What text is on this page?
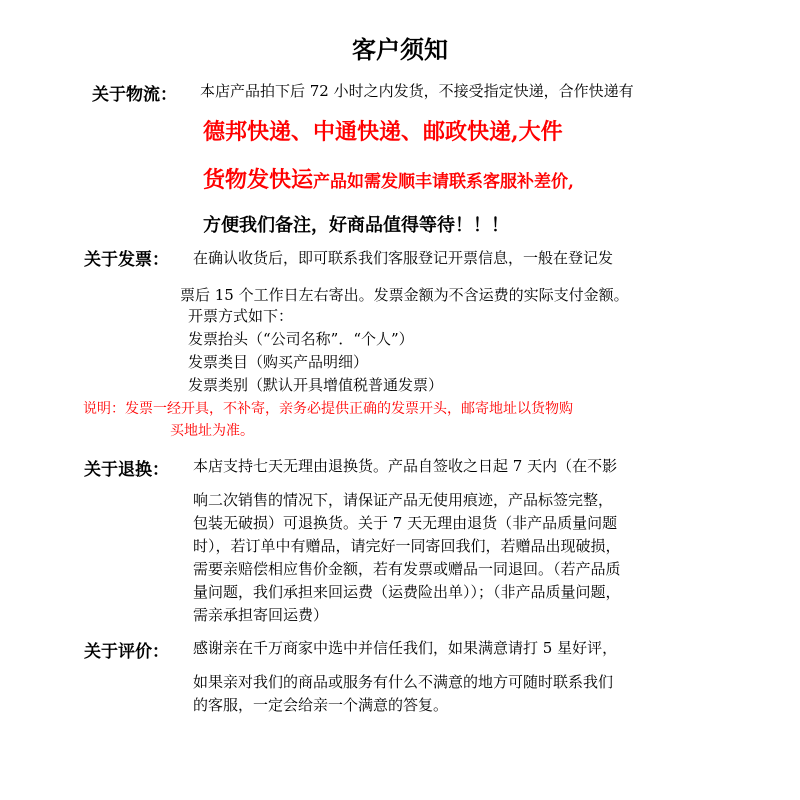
客户须知
关于物流： 本店产品拍下后 72 小时之内发货，不接受指定快递，合作快递有
德邦快递、中通快递、邮政快递,大件
货物发快运产品如需发顺丰请联系客服补差价,
方便我们备注，好商品值得等待！！！
关于发票： 在确认收货后，即可联系我们客服登记开票信息，一般在登记发
票后 15 个工作日左右寄出。发票金额为不含运费的实际支付金额。
开票方式如下：
发票抬头（“公司名称”．“个人”）
发票类目（购买产品明细）
发票类别（默认开具增值税普通发票）
说明：发票一经开具，不补寄，亲务必提供正确的发票开头，邮寄地址以货物购
买地址为准。
关于退换： 本店支持七天无理由退换货。产品自签收之日起 7 天内（在不影
响二次销售的情况下，请保证产品无使用痕迹，产品标签完整，
包装无破损）可退换货。关于 7 天无理由退货（非产品质量问题
时），若订单中有赠品，请完好一同寄回我们，若赠品出现破损，
需要亲赔偿相应售价金额，若有发票或赠品一同退回。（若产品质
量问题，我们承担来回运费（运费险出单））；（非产品质量问题，
需亲承担寄回运费）
关于评价： 感谢亲在千万商家中选中并信任我们，如果满意请打 5 星好评，
如果亲对我们的商品或服务有什么不满意的地方可随时联系我们
的客服，一定会给亲一个满意的答复。
